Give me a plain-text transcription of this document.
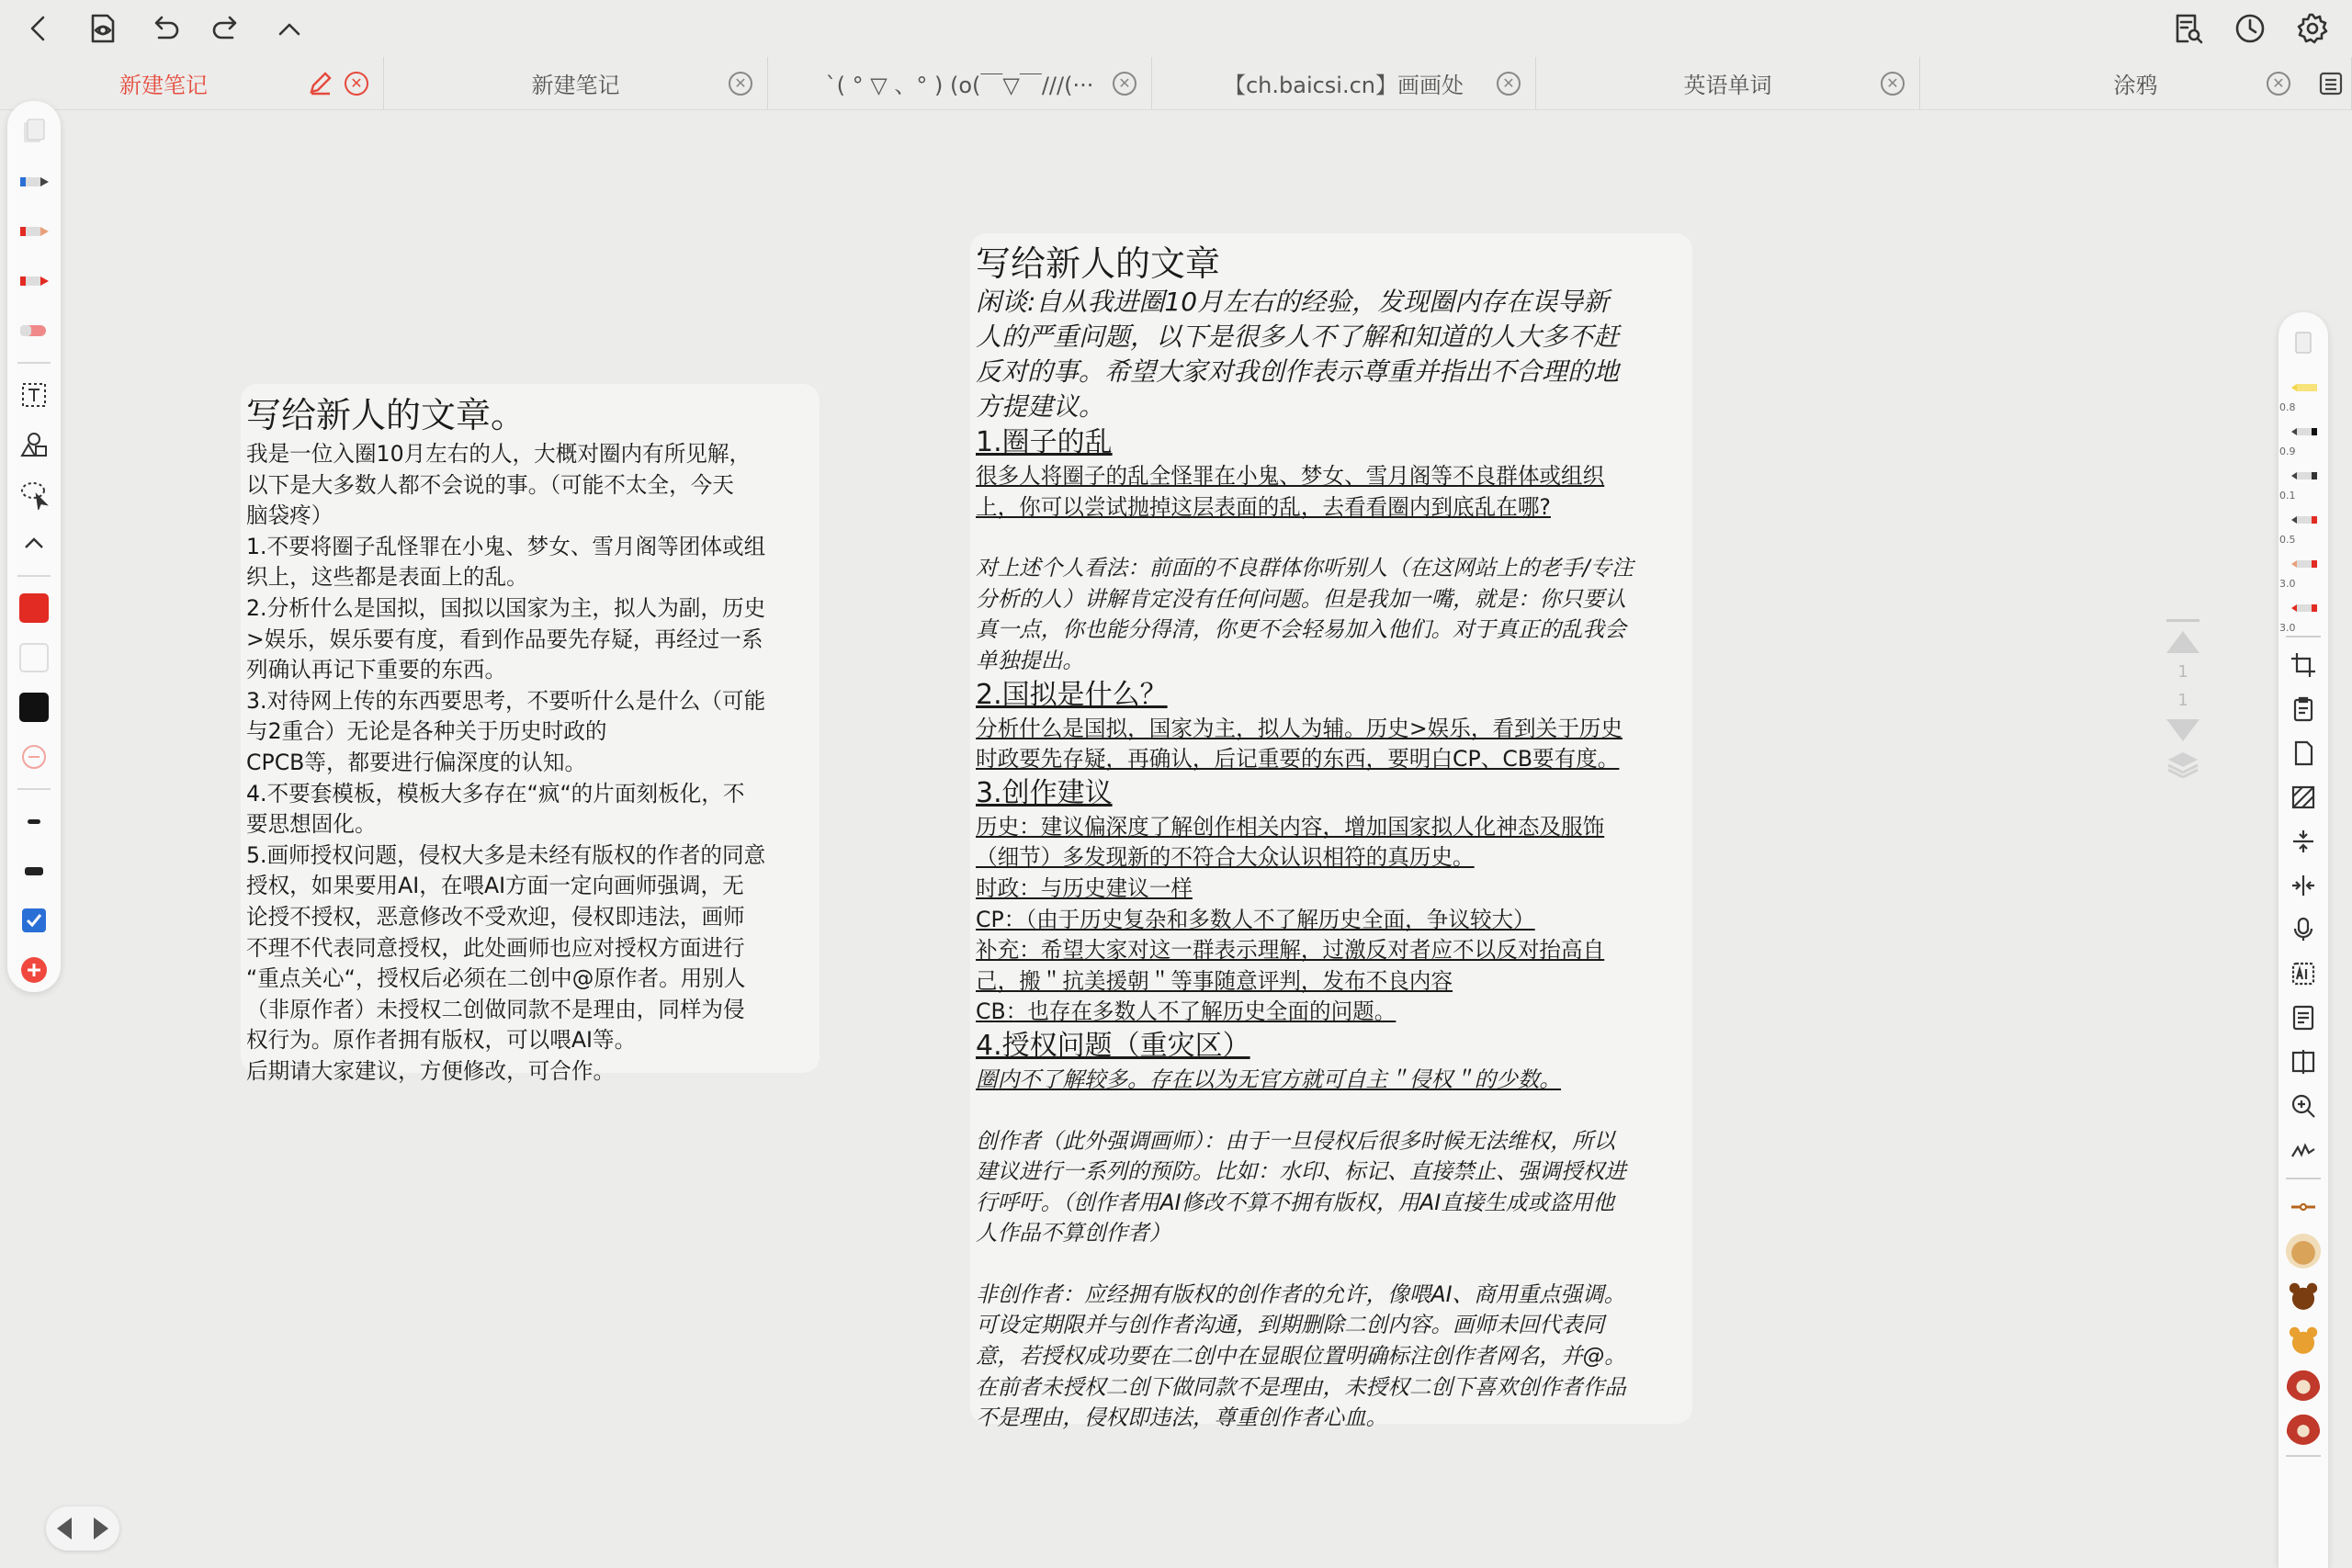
新建笔记	✕	新建笔记	✕	`( ° ▽ 、° ) (o(￣▽￣///(··· ✕	【ch.baicsi.cn】画画处	✕	英语单词	✕	涂鸦	✕
1
1
0.8
0.9
0.1
0.5
3.0
3.0
写给新人的文章。
我是一位入圈10月左右的人，大概对圈内有所见解，
以下是大多数人都不会说的事。（可能不太全，今天
脑袋疼）
1.不要将圈子乱怪罪在小鬼、梦女、雪月阁等团体或组
织上，这些都是表面上的乱。
2.分析什么是国拟，国拟以国家为主，拟人为副，历史
>娱乐，娱乐要有度，看到作品要先存疑，再经过一系
列确认再记下重要的东西。
3.对待网上传的东西要思考，不要听什么是什么（可能
与2重合）无论是各种关于历史时政的
CPCB等，都要进行偏深度的认知。
4.不要套模板，模板大多存在“疯“的片面刻板化，不
要思想固化。
5.画师授权问题，侵权大多是未经有版权的作者的同意
授权，如果要用AI，在喂AI方面一定向画师强调，无
论授不授权，恶意修改不受欢迎，侵权即违法，画师
不理不代表同意授权，此处画师也应对授权方面进行
“重点关心“，授权后必须在二创中@原作者。用别人
（非原作者）未授权二创做同款不是理由，同样为侵
权行为。原作者拥有版权，可以喂AI等。
后期请大家建议，方便修改，可合作。
写给新人的文章
闲谈:自从我进圈10月左右的经验，发现圈内存在误导新
人的严重问题，以下是很多人不了解和知道的人大多不赶
反对的事。希望大家对我创作表示尊重并指出不合理的地
方提建议。
1.圈子的乱
很多人将圈子的乱全怪罪在小鬼、梦女、雪月阁等不良群体或组织
上，你可以尝试抛掉这层表面的乱，去看看圈内到底乱在哪?
对上述个人看法：前面的不良群体你听别人（在这网站上的老手/专注
分析的人）讲解肯定没有任何问题。但是我加一嘴，就是：你只要认
真一点，你也能分得清，你更不会轻易加入他们。对于真正的乱我会
单独提出。
2.国拟是什么？
分析什么是国拟，国家为主，拟人为辅。历史>娱乐，看到关于历史
时政要先存疑，再确认，后记重要的东西，要明白CP、CB要有度。
3.创作建议
历史：建议偏深度了解创作相关内容，增加国家拟人化神态及服饰
（细节）多发现新的不符合大众认识相符的真历史。
时政：与历史建议一样
CP：（由于历史复杂和多数人不了解历史全面，争议较大）
补充：希望大家对这一群表示理解，过激反对者应不以反对抬高自
己，搬＂抗美援朝＂等事随意评判，发布不良内容
CB：也存在多数人不了解历史全面的问题。
4.授权问题（重灾区）
圈内不了解较多。存在以为无官方就可自主＂侵权＂的少数。
创作者（此外强调画师）：由于一旦侵权后很多时候无法维权，所以
建议进行一系列的预防。比如：水印、标记、直接禁止、强调授权进
行呼吁。（创作者用AI修改不算不拥有版权，用AI直接生成或盗用他
人作品不算创作者）
非创作者：应经拥有版权的创作者的允许，像喂AI、商用重点强调。
可设定期限并与创作者沟通，到期删除二创内容。画师未回代表同
意，若授权成功要在二创中在显眼位置明确标注创作者网名，并@。
在前者未授权二创下做同款不是理由，未授权二创下喜欢创作者作品
不是理由，侵权即违法，尊重创作者心血。
